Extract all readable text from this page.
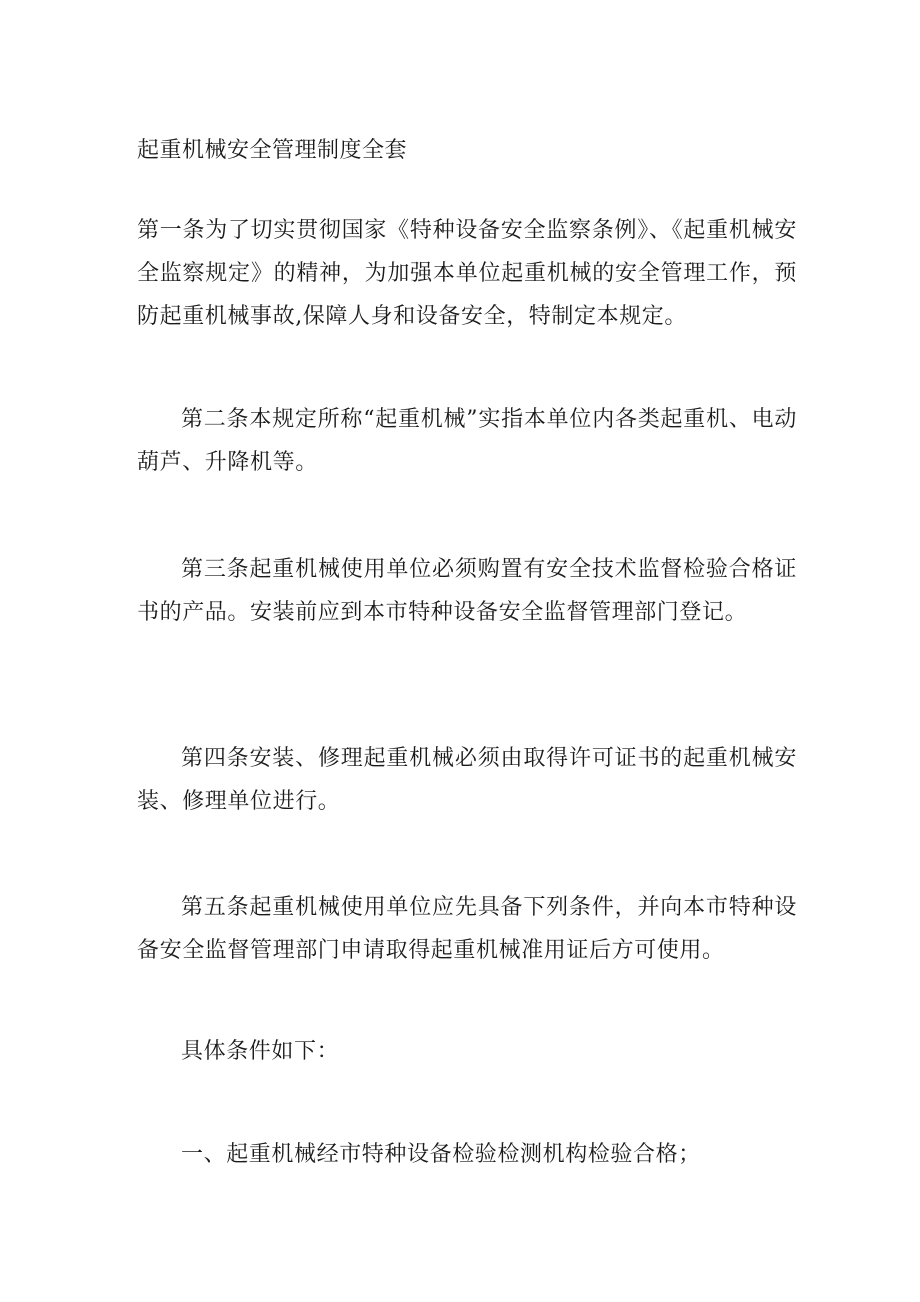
起重机械安全管理制度全套

第一条为了切实贯彻国家《特种设备安全监察条例》、《起重机械安全监察规定》的精神，为加强本单位起重机械的安全管理工作，预防起重机械事故,保障人身和设备安全，特制定本规定。

第二条本规定所称“起重机械”实指本单位内各类起重机、电动葫芦、升降机等。

第三条起重机械使用单位必须购置有安全技术监督检验合格证书的产品。安装前应到本市特种设备安全监督管理部门登记。

第四条安装、修理起重机械必须由取得许可证书的起重机械安装、修理单位进行。

第五条起重机械使用单位应先具备下列条件，并向本市特种设备安全监督管理部门申请取得起重机械准用证后方可使用。

具体条件如下：

一、起重机械经市特种设备检验检测机构检验合格；
